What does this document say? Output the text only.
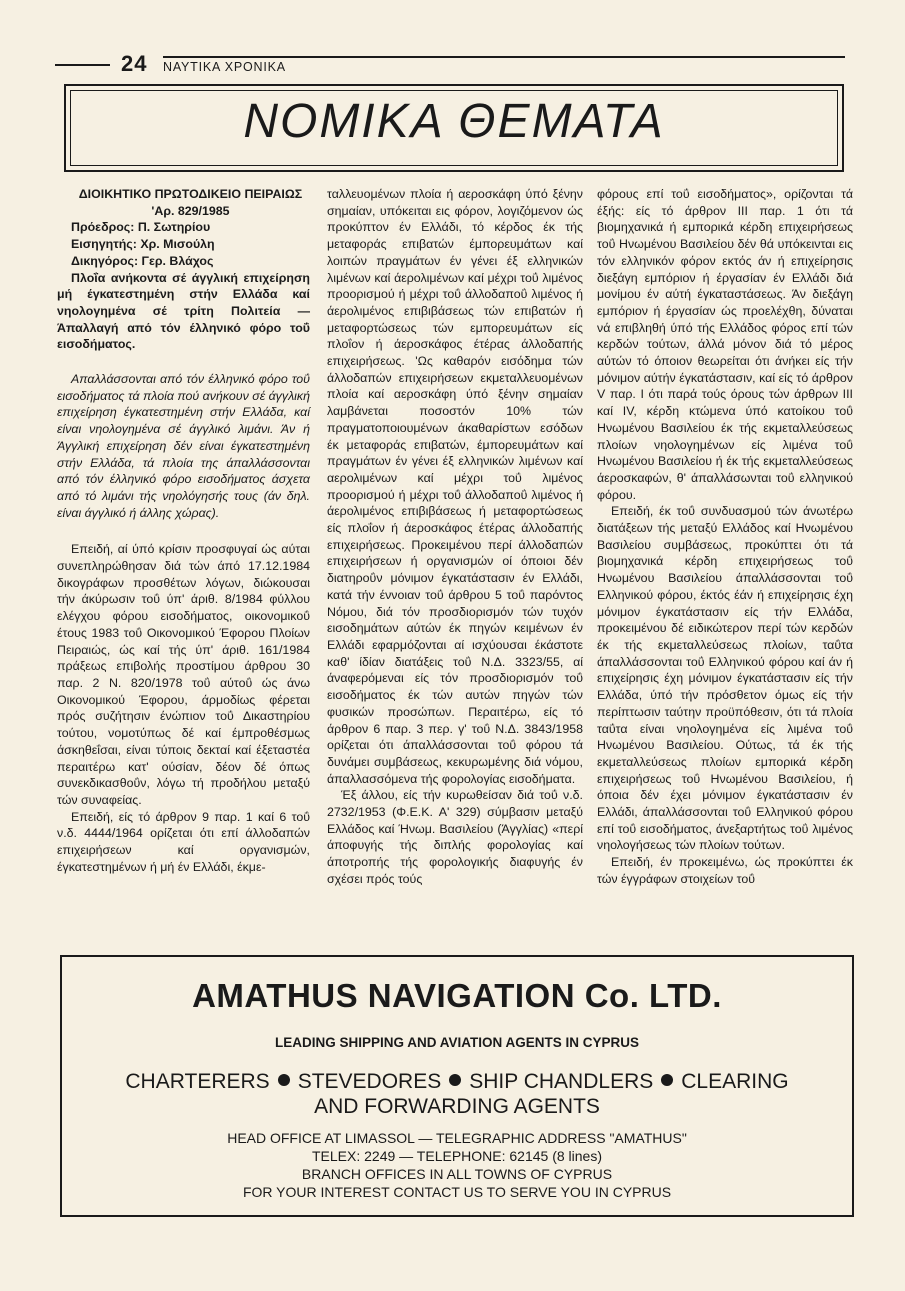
24 ΝΑΥΤΙΚΑ ΧΡΟΝΙΚΑ
ΝΟΜΙΚΑ ΘΕΜΑΤΑ

ΔΙΟΙΚΗΤΙΚΟ ΠΡΩΤΟΔΙΚΕΙΟ ΠΕΙΡΑΙΩΣ

'Αρ. 829/1985

Πρόεδρος: Π. Σωτηρίου

Εισηγητής: Χρ. Μισούλη

Δικηγόρος: Γερ. Βλάχος

Πλοΐα ανήκοντα σέ άγγλική επιχείρηση μή έγκατεστημένη στήν Ελλάδα καί νηολογημένα σέ τρίτη Πολιτεία — Άπαλλαγή από τόν έλληνικό φόρο τοΰ εισοδήματος.

Απαλλάσσονται από τόν έλληνικό φόρο τοΰ εισοδήματος τά πλοία πού ανήκουν σέ άγγλική επιχείρηση έγκατεστημένη στήν Ελλάδα, καί είναι νηολογημένα σέ άγγλικό λιμάνι. Άν ή Άγγλική επιχείρηση δέν είναι έγκατεστημένη στήν Ελλάδα, τά πλοία της άπαλλάσσονται από τόν έλληνικό φόρο εισοδήματος άσχετα από τό λιμάνι τής νηολόγησής τους (άν δηλ. είναι άγγλικό ή άλλης χώρας).

Επειδή, αί ύπό κρίσιν προσφυγαί ώς αύται συνεπληρώθησαν διά τών άπό 17.12.1984 δικογράφων προσθέτων λόγων, διώκουσαι τήν άκύρωσιν τοΰ ύπ' άριθ. 8/1984 φύλλου ελέγχου φόρου εισοδήματος, οικονομικοΰ έτους 1983 τοΰ Οικονομικού Έφορου Πλοίων Πειραιώς, ώς καί τής ύπ' άριθ. 161/1984 πράξεως επιβολής προστίμου άρθρου 30 παρ. 2 Ν. 820/1978 τοΰ αύτοΰ ώς άνω Οικονομικού Έφορου, άρμοδίως φέρεται πρός συζήτησιν ένώπιον τοΰ Δικαστηρίου τούτου, νομοτύπως δέ καί έμπροθέσμως άσκηθεΐσαι, είναι τύποις δεκταί καί έξεταστέα περαιτέρω κατ' ούσίαν, δέον δέ όπως συνεκδικασθοΰν, λόγω τή προδήλου μεταξύ τών συναφείας.

Επειδή, είς τό άρθρον 9 παρ. 1 καί 6 τοΰ ν.δ. 4444/1964 ορίζεται ότι επί άλλοδαπών επιχειρήσεων καί οργανισμών, έγκατεστημένων ή μή έν Ελλάδι, έκμε-

ταλλευομένων πλοία ή αεροσκάφη ύπό ξένην σημαίαν, υπόκειται εις φόρον, λογιζόμενον ώς προκύπτον έν Ελλάδι, τό κέρδος έκ τής μεταφοράς επιβατών έμπορευμάτων καί λοιπών πραγμάτων έν γένει έξ ελληνικών λιμένων καί άερολιμένων καί μέχρι τοΰ λιμένος προορισμού ή μέχρι τοΰ άλλοδαποΰ λιμένος ή άερολιμένος επιβιβάσεως τών επιβατών ή μεταφορτώσεως τών εμπορευμάτων είς πλοΐον ή άεροσκάφος έτέρας άλλοδαπής επιχειρήσεως. 'Ως καθαρόν εισόδημα τών άλλοδαπών επιχειρήσεων εκμεταλλευομένων πλοία καί αεροσκάφη ύπό ξένην σημαίαν λαμβάνεται ποσοστόν 10% τών πραγματοποιουμένων άκαθαρίστων εσόδων έκ μεταφοράς επιβατών, έμπορευμάτων καί πραγμάτων έν γένει έξ ελληνικών λιμένων καί αερολιμένων καί μέχρι τοΰ λιμένος προορισμού ή μέχρι τοΰ άλλοδαποΰ λιμένος ή άερολιμένος επιβιβάσεως ή μεταφορτώσεως είς πλοΐον ή άεροσκάφος έτέρας άλλοδαπής επιχειρήσεως. Προκειμένου περί άλλοδαπών επιχειρήσεων ή οργανισμών οί όποιοι δέν διατηροΰν μόνιμον έγκατάστασιν έν Ελλάδι, κατά τήν έννοιαν τοΰ άρθρου 5 τοΰ παρόντος Νόμου, διά τόν προσδιορισμόν τών τυχόν εισοδημάτων αύτών έκ πηγών κειμένων έν Ελλάδι εφαρμόζονται αί ισχύουσαι έκάστοτε καθ' ίδίαν διατάξεις τοΰ Ν.Δ. 3323/55, αί άναφερόμεναι είς τόν προσδιορισμόν τοΰ εισοδήματος έκ τών αυτών πηγών τών φυσικών προσώπων. Περαιτέρω, είς τό άρθρον 6 παρ. 3 περ. γ' τοΰ Ν.Δ. 3843/1958 ορίζεται ότι άπαλλάσσονται τοΰ φόρου τά δυνάμει συμβάσεως, κεκυρωμένης διά νόμου, άπαλλασσόμενα τής φορολογίας εισοδήματα.

Έξ άλλου, είς τήν κυρωθείσαν διά τοΰ ν.δ. 2732/1953 (Φ.Ε.Κ. Α' 329) σύμβασιν μεταξύ Ελλάδος καί Ήνωμ. Βασιλείου (Άγγλίας) «περί άποφυγής τής διπλής φορολογίας καί άποτροπής τής φορολογικής διαφυγής έν σχέσει πρός τούς

φόρους επί τοΰ εισοδήματος», ορίζονται τά έξής: είς τό άρθρον III παρ. 1 ότι τά βιομηχανικά ή εμπορικά κέρδη επιχειρήσεως τοΰ Ηνωμένου Βασιλείου δέν θά υπόκεινται εις τόν ελληνικόν φόρον εκτός άν ή επιχείρησις διεξάγη εμπόριον ή έργασίαν έν Ελλάδι διά μονίμου έν αύτή έγκαταστάσεως. Άν διεξάγη εμπόριον ή έργασίαν ώς προελέχθη, δύναται νά επιβληθή ύπό τής Ελλάδος φόρος επί τών κερδών τούτων, άλλά μόνον διά τό μέρος αύτών τό όποιον θεωρείται ότι άνήκει είς τήν μόνιμον αύτήν έγκατάστασιν, καί είς τό άρθρον V παρ. Ι ότι παρά τούς όρους τών άρθρων ΙΙΙ καί IV, κέρδη κτώμενα ύπό κατοίκου τοΰ Ηνωμένου Βασιλείου έκ τής εκμεταλλεύσεως πλοίων νηολογημένων είς λιμένα τοΰ Ηνωμένου Βασιλείου ή έκ τής εκμεταλλεύσεως άεροσκαφών, θ' άπαλλάσωνται τοΰ ελληνικού φόρου.

Επειδή, έκ τοΰ συνδυασμού τών άνωτέρω διατάξεων τής μεταξύ Ελλάδος καί Ηνωμένου Βασιλείου συμβάσεως, προκύπτει ότι τά βιομηχανικά κέρδη επιχειρήσεως τοΰ Ηνωμένου Βασιλείου άπαλλάσσονται τοΰ Ελληνικού φόρου, έκτός έάν ή επιχείρησις έχη μόνιμον έγκατάστασιν είς τήν Ελλάδα, προκειμένου δέ ειδικώτερον περί τών κερδών έκ τής εκμεταλλεύσεως πλοίων, ταΰτα άπαλλάσσονται τοΰ Ελληνικού φόρου καί άν ή επιχείρησις έχη μόνιμον έγκατάστασιν είς τήν Ελλάδα, ύπό τήν πρόσθετον όμως είς τήν περίπτωσιν ταύτην προϋπόθεσιν, ότι τά πλοία ταΰτα είναι νηολογημένα είς λιμένα τοΰ Ηνωμένου Βασιλείου. Ούτως, τά έκ τής εκμεταλλεύσεως πλοίων εμπορικά κέρδη επιχειρήσεως τοΰ Ηνωμένου Βασιλείου, ή όποια δέν έχει μόνιμον έγκατάστασιν έν Ελλάδι, άπαλλάσσονται τοΰ Ελληνικού φόρου επί τοΰ εισοδήματος, άνεξαρτήτως τοΰ λιμένος νηολογήσεως τών πλοίων τούτων.

Επειδή, έν προκειμένω, ώς προκύπτει έκ τών έγγράφων στοιχείων τοΰ

AMATHUS NAVIGATION Co. LTD.
LEADING SHIPPING AND AVIATION AGENTS IN CYPRUS
CHARTERERS STEVEDORES SHIP CHANDLERS CLEARING
AND FORWARDING AGENTS
HEAD OFFICE AT LIMASSOL — TELEGRAPHIC ADDRESS "AMATHUS"
TELEX: 2249 — TELEPHONE: 62145 (8 lines)
BRANCH OFFICES IN ALL TOWNS OF CYPRUS
FOR YOUR INTEREST CONTACT US TO SERVE YOU IN CYPRUS
